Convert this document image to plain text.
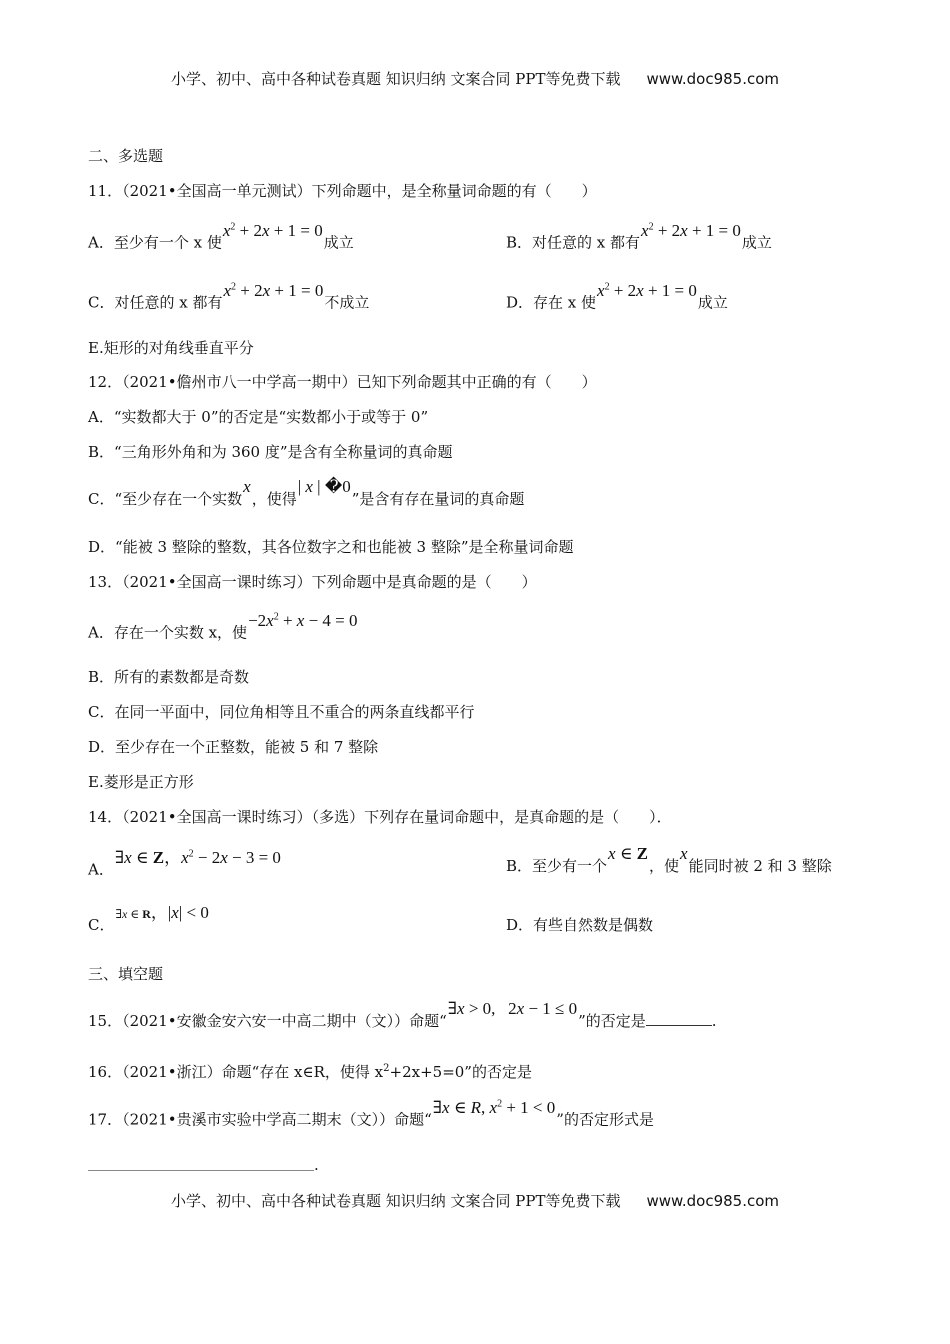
小学、初中、高中各种试卷真题 知识归纳 文案合同 PPT等免费下载 www.doc985.com
二、多选题
11．（2021•全国高一单元测试）下列命题中，是全称量词命题的有（　　）
A．至少有一个 x 使$x^2 + 2x + 1 = 0$成立	B．对任意的 x 都有$x^2 + 2x + 1 = 0$成立
C．对任意的 x 都有$x^2 + 2x + 1 = 0$不成立	D．存在 x 使$x^2 + 2x + 1 = 0$成立
E.矩形的对角线垂直平分
12．（2021•儋州市八一中学高一期中）已知下列命题其中正确的有（　　）
A．“实数都大于 0”的否定是“实数都小于或等于 0”
B．“三角形外角和为 360 度”是含有全称量词的真命题
C．“至少存在一个实数x，使得| x | �0”是含有存在量词的真命题
D．“能被 3 整除的整数，其各位数字之和也能被 3 整除”是全称量词命题
13．（2021•全国高一课时练习）下列命题中是真命题的是（　　）
A．存在一个实数 x，使$-2x^2 + x - 4 = 0$
B．所有的素数都是奇数
C．在同一平面中，同位角相等且不重合的两条直线都平行
D．至少存在一个正整数，能被 5 和 7 整除
E.菱形是正方形
14．（2021•全国高一课时练习）（多选）下列存在量词命题中，是真命题的是（　　）．
A．∃x ∈ Z，$x^2 - 2x - 3 = 0$	B．至少有一个x ∈ Z，使x能同时被 2 和 3 整除
C．∃x ∈ R，|x| < 0
D．有些自然数是偶数
三、填空题
15．（2021•安徽金安六安一中高二期中（文））命题“∃x > 0,   2x − 1 ≤ 0”的否定是	.
16．（2021•浙江）命题“存在 x∈R，使得 $x^2+2x+5=0$”的否定是
17．（2021•贵溪市实验中学高二期末（文））命题“∃x ∈ R, $x^2 + 1 < 0$”的否定形式是
.
小学、初中、高中各种试卷真题 知识归纳 文案合同 PPT等免费下载 www.doc985.com
